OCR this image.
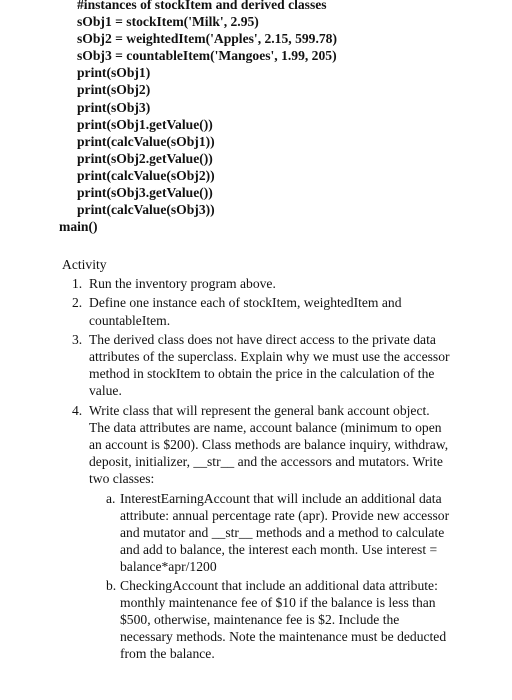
#instances of stockItem and derived classes
sObj1 = stockItem('Milk', 2.95)
sObj2 = weightedItem('Apples', 2.15, 599.78)
sObj3 = countableItem('Mangoes', 1.99, 205)
print(sObj1)
print(sObj2)
print(sObj3)
print(sObj1.getValue())
print(calcValue(sObj1))
print(sObj2.getValue())
print(calcValue(sObj2))
print(sObj3.getValue())
print(calcValue(sObj3))
main()
Activity
1. Run the inventory program above.
2. Define one instance each of stockItem, weightedItem and countableItem.
3. The derived class does not have direct access to the private data attributes of the superclass. Explain why we must use the accessor method in stockItem to obtain the price in the calculation of the value.
4. Write class that will represent the general bank account object. The data attributes are name, account balance (minimum to open an account is $200). Class methods are balance inquiry, withdraw, deposit, initializer, __str__ and the accessors and mutators. Write two classes:
a. InterestEarningAccount that will include an additional data attribute: annual percentage rate (apr). Provide new accessor and mutator and __str__ methods and a method to calculate and add to balance, the interest each month. Use interest = balance*apr/1200
b. CheckingAccount that include an additional data attribute: monthly maintenance fee of $10 if the balance is less than $500, otherwise, maintenance fee is $2. Include the necessary methods. Note the maintenance must be deducted from the balance.
